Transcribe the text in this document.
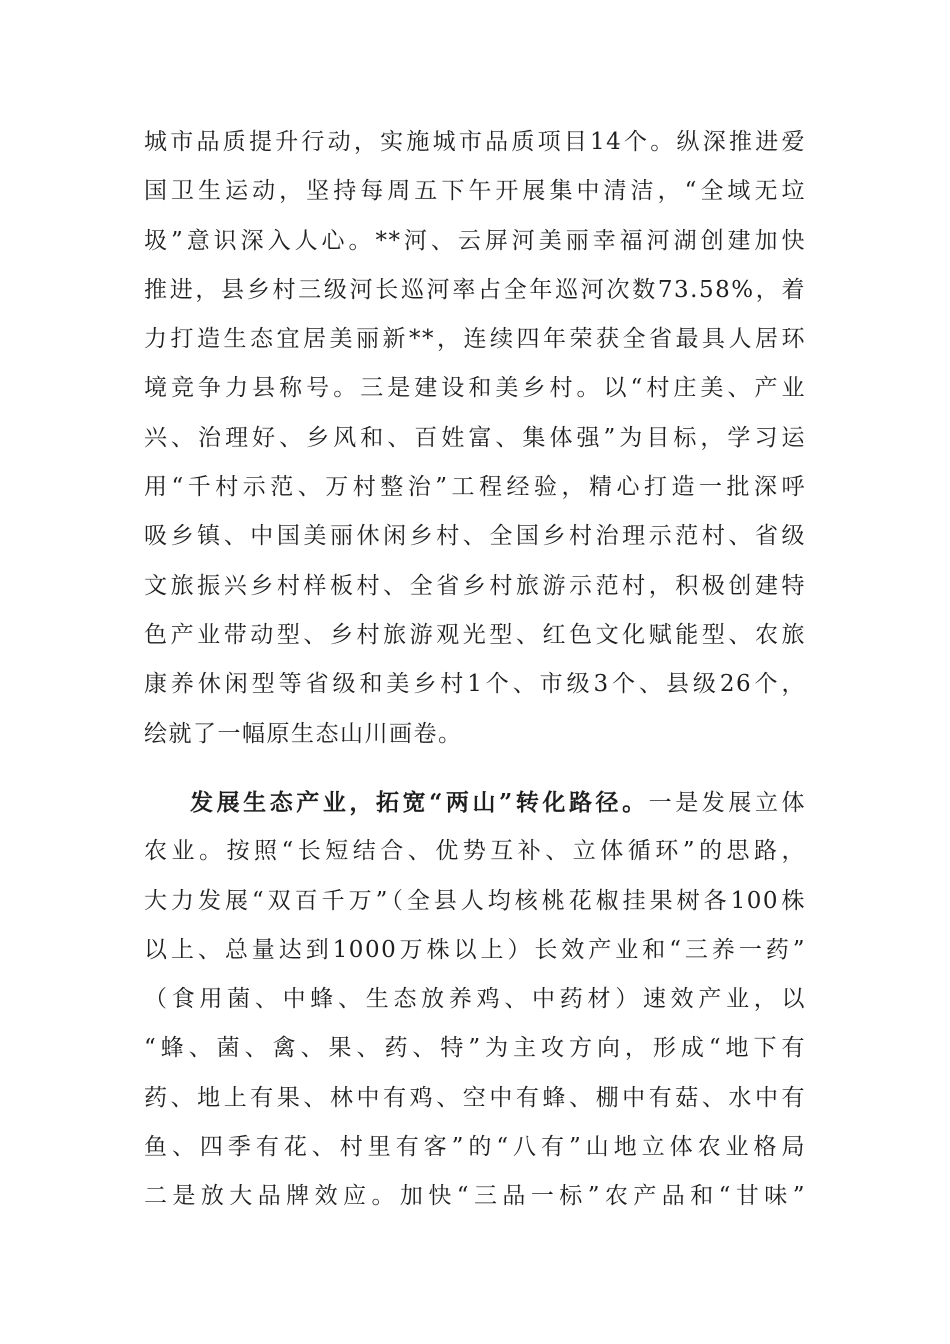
城市品质提升行动，实施城市品质项目14个。纵深推进爱
国卫生运动，坚持每周五下午开展集中清洁，“全域无垃
圾”意识深入人心。**河、云屏河美丽幸福河湖创建加快
推进，县乡村三级河长巡河率占全年巡河次数73.58%，着
力打造生态宜居美丽新**，连续四年荣获全省最具人居环
境竞争力县称号。三是建设和美乡村。以“村庄美、产业
兴、治理好、乡风和、百姓富、集体强”为目标，学习运
用“千村示范、万村整治”工程经验，精心打造一批深呼
吸乡镇、中国美丽休闲乡村、全国乡村治理示范村、省级
文旅振兴乡村样板村、全省乡村旅游示范村，积极创建特
色产业带动型、乡村旅游观光型、红色文化赋能型、农旅
康养休闲型等省级和美乡村1个、市级3个、县级26个，
绘就了一幅原生态山川画卷。
发展生态产业，拓宽“两山”转化路径。一是发展立体
农业。按照“长短结合、优势互补、立体循环”的思路，
大力发展“双百千万”（全县人均核桃花椒挂果树各100株
以上、总量达到1000万株以上）长效产业和“三养一药”
（食用菌、中蜂、生态放养鸡、中药材）速效产业，以
“蜂、菌、禽、果、药、特”为主攻方向，形成“地下有
药、地上有果、林中有鸡、空中有蜂、棚中有菇、水中有
鱼、四季有花、村里有客”的“八有”山地立体农业格局
二是放大品牌效应。加快“三品一标”农产品和“甘味”
